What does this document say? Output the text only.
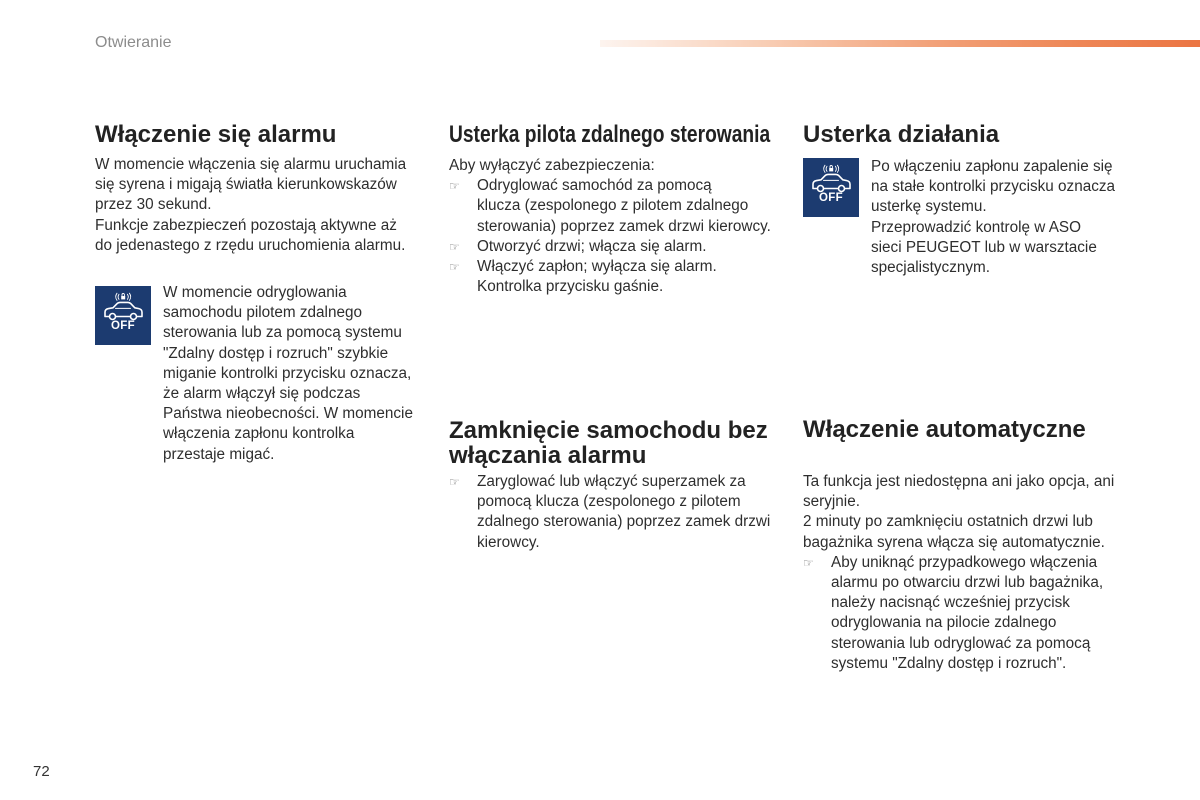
Otwieranie
Włączenie się alarmu

W momencie włączenia się alarmu uruchamia
się syrena i migają światła kierunkowskazów
przez 30 sekund.

Funkcje zabezpieczeń pozostają aktywne aż
do jedenastego z rzędu uruchomienia alarmu.

OFF
W momencie odryglowania
samochodu pilotem zdalnego
sterowania lub za pomocą systemu
"Zdalny dostęp i rozruch" szybkie
miganie kontrolki przycisku oznacza,
że alarm włączył się podczas
Państwa nieobecności. W momencie
włączenia zapłonu kontrolka
przestaje migać.
Usterka pilota zdalnego sterowania
Aby wyłączyć zabezpieczenia:
☞
Odryglować samochód za pomocą
klucza (zespolonego z pilotem zdalnego
sterowania) poprzez zamek drzwi kierowcy.
☞
Otworzyć drzwi; włącza się alarm.
☞
Włączyć zapłon; wyłącza się alarm.
Kontrolka przycisku gaśnie.
Zamknięcie samochodu bez
włączania alarmu
☞
Zaryglować lub włączyć superzamek za
pomocą klucza (zespolonego z pilotem
zdalnego sterowania) poprzez zamek drzwi
kierowcy.
Usterka działania
OFF

Po włączeniu zapłonu zapalenie się
na stałe kontrolki przycisku oznacza
usterkę systemu.

Przeprowadzić kontrolę w ASO
sieci PEUGEOT lub w warsztacie
specjalistycznym.

Włączenie automatyczne

Ta funkcja jest niedostępna ani jako opcja, ani
seryjnie.

2 minuty po zamknięciu ostatnich drzwi lub
bagażnika syrena włącza się automatycznie.

☞
Aby uniknąć przypadkowego włączenia
alarmu po otwarciu drzwi lub bagażnika,
należy nacisnąć wcześniej przycisk
odryglowania na pilocie zdalnego
sterowania lub odryglować za pomocą
systemu "Zdalny dostęp i rozruch".
72
